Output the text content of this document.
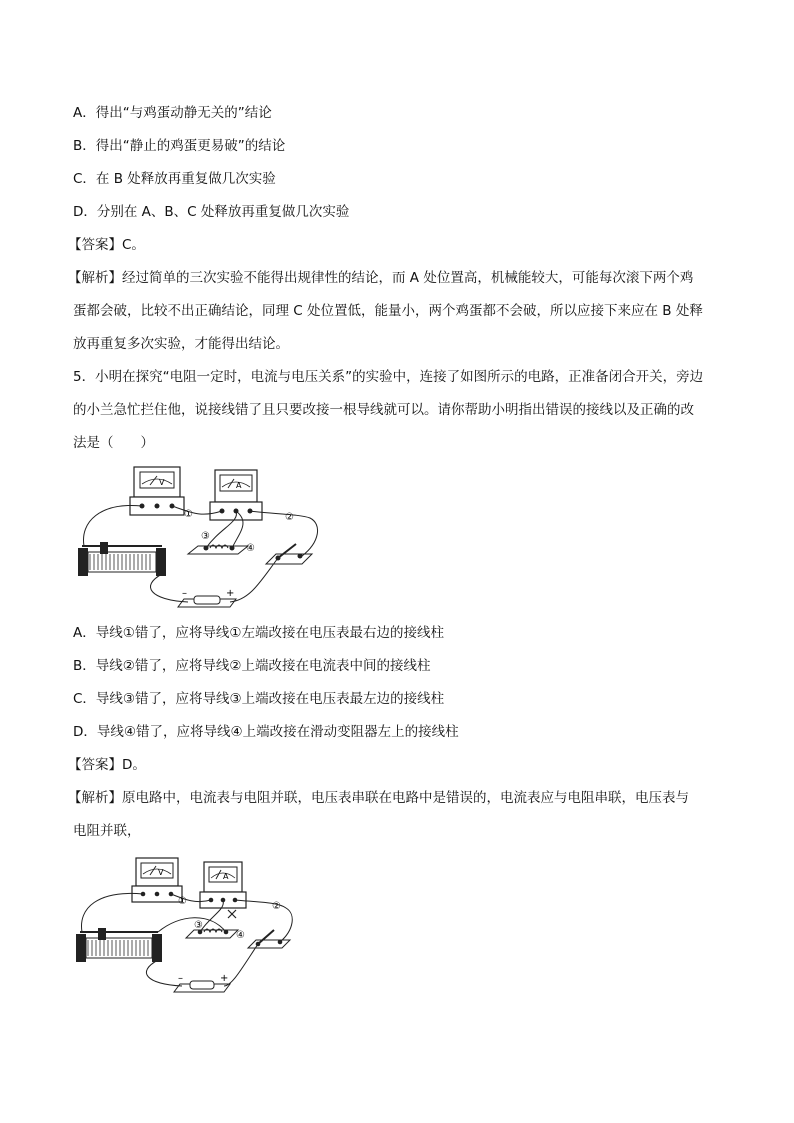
A．得出“与鸡蛋动静无关的”结论
B．得出“静止的鸡蛋更易破”的结论
C．在 B 处释放再重复做几次实验
D．分别在 A、B、C 处释放再重复做几次实验
【答案】C。
【解析】经过简单的三次实验不能得出规律性的结论，而 A 处位置高，机械能较大，可能每次滚下两个鸡
蛋都会破，比较不出正确结论，同理 C 处位置低，能量小，两个鸡蛋都不会破，所以应接下来应在 B 处释
放再重复多次实验，才能得出结论。
5．小明在探究“电阻一定时，电流与电压关系”的实验中，连接了如图所示的电路，正准备闭合开关，旁边
的小兰急忙拦住他，说接线错了且只要改接一根导线就可以。请你帮助小明指出错误的接线以及正确的改
法是（　　）
V
①
A
③
④
②
–	+
A．导线①错了，应将导线①左端改接在电压表最右边的接线柱
B．导线②错了，应将导线②上端改接在电流表中间的接线柱
C．导线③错了，应将导线③上端改接在电压表最左边的接线柱
D．导线④错了，应将导线④上端改接在滑动变阻器左上的接线柱
【答案】D。
【解析】原电路中，电流表与电阻并联，电压表串联在电路中是错误的，电流表应与电阻串联，电压表与
电阻并联，
V
①
A
③
④
②
–	+
